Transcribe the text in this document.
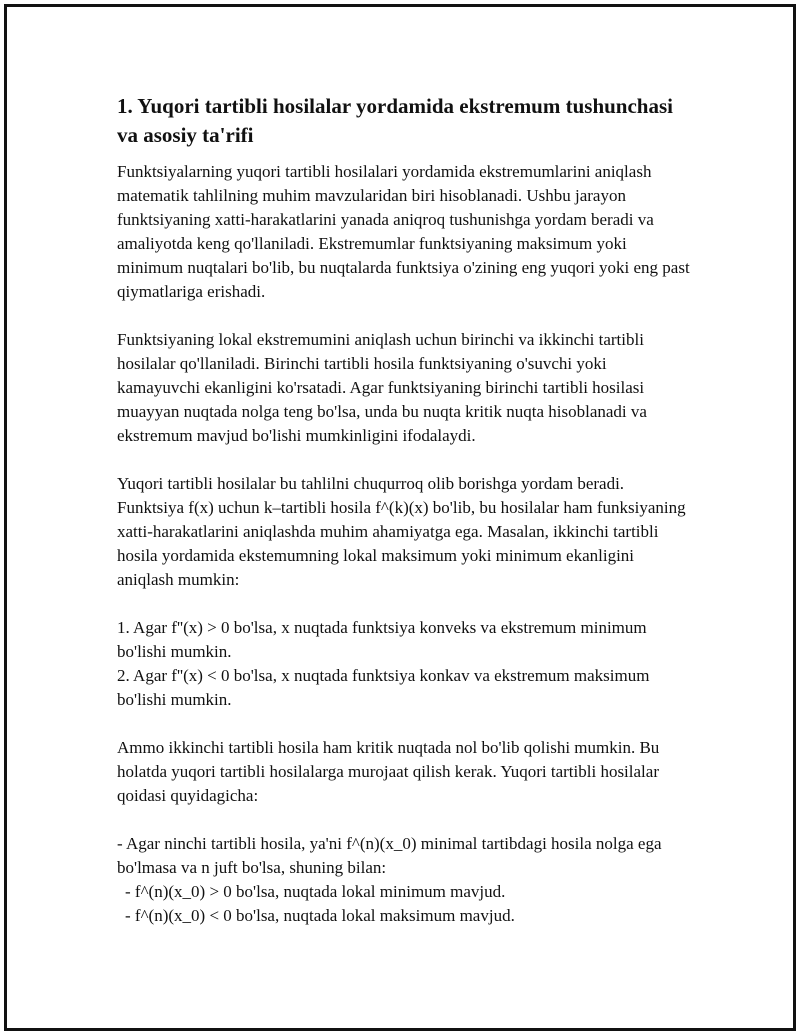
1. Yuqori tartibli hosilalar yordamida ekstremum tushunchasi va asosiy ta'rifi

Funktsiyalarning yuqori tartibli hosilalari yordamida ekstremumlarini aniqlash matematik tahlilning muhim mavzularidan biri hisoblanadi. Ushbu jarayon funktsiyaning xatti-harakatlarini yanada aniqroq tushunishga yordam beradi va amaliyotda keng qo'llaniladi. Ekstremumlar funktsiyaning maksimum yoki minimum nuqtalari bo'lib, bu nuqtalarda funktsiya o'zining eng yuqori yoki eng past qiymatlariga erishadi.

Funktsiyaning lokal ekstremumini aniqlash uchun birinchi va ikkinchi tartibli hosilalar qo'llaniladi. Birinchi tartibli hosila funktsiyaning o'suvchi yoki kamayuvchi ekanligini ko'rsatadi. Agar funktsiyaning birinchi tartibli hosilasi muayyan nuqtada nolga teng bo'lsa, unda bu nuqta kritik nuqta hisoblanadi va ekstremum mavjud bo'lishi mumkinligini ifodalaydi.

Yuqori tartibli hosilalar bu tahlilni chuqurroq olib borishga yordam beradi. Funktsiya f(x) uchun k–tartibli hosila f^(k)(x) bo'lib, bu hosilalar ham funksiyaning xatti-harakatlarini aniqlashda muhim ahamiyatga ega. Masalan, ikkinchi tartibli hosila yordamida ekstemumning lokal maksimum yoki minimum ekanligini aniqlash mumkin:

1. Agar f''(x) > 0 bo'lsa, x nuqtada funktsiya konveks va ekstremum minimum bo'lishi mumkin.

2. Agar f''(x) < 0 bo'lsa, x nuqtada funktsiya konkav va ekstremum maksimum bo'lishi mumkin.

Ammo ikkinchi tartibli hosila ham kritik nuqtada nol bo'lib qolishi mumkin. Bu holatda yuqori tartibli hosilalarga murojaat qilish kerak. Yuqori tartibli hosilalar qoidasi quyidagicha:

- Agar ninchi tartibli hosila, ya'ni f^(n)(x_0) minimal tartibdagi hosila nolga ega bo'lmasa va n juft bo'lsa, shuning bilan:

- f^(n)(x_0) > 0 bo'lsa, nuqtada lokal minimum mavjud.

- f^(n)(x_0) < 0 bo'lsa, nuqtada lokal maksimum mavjud.
